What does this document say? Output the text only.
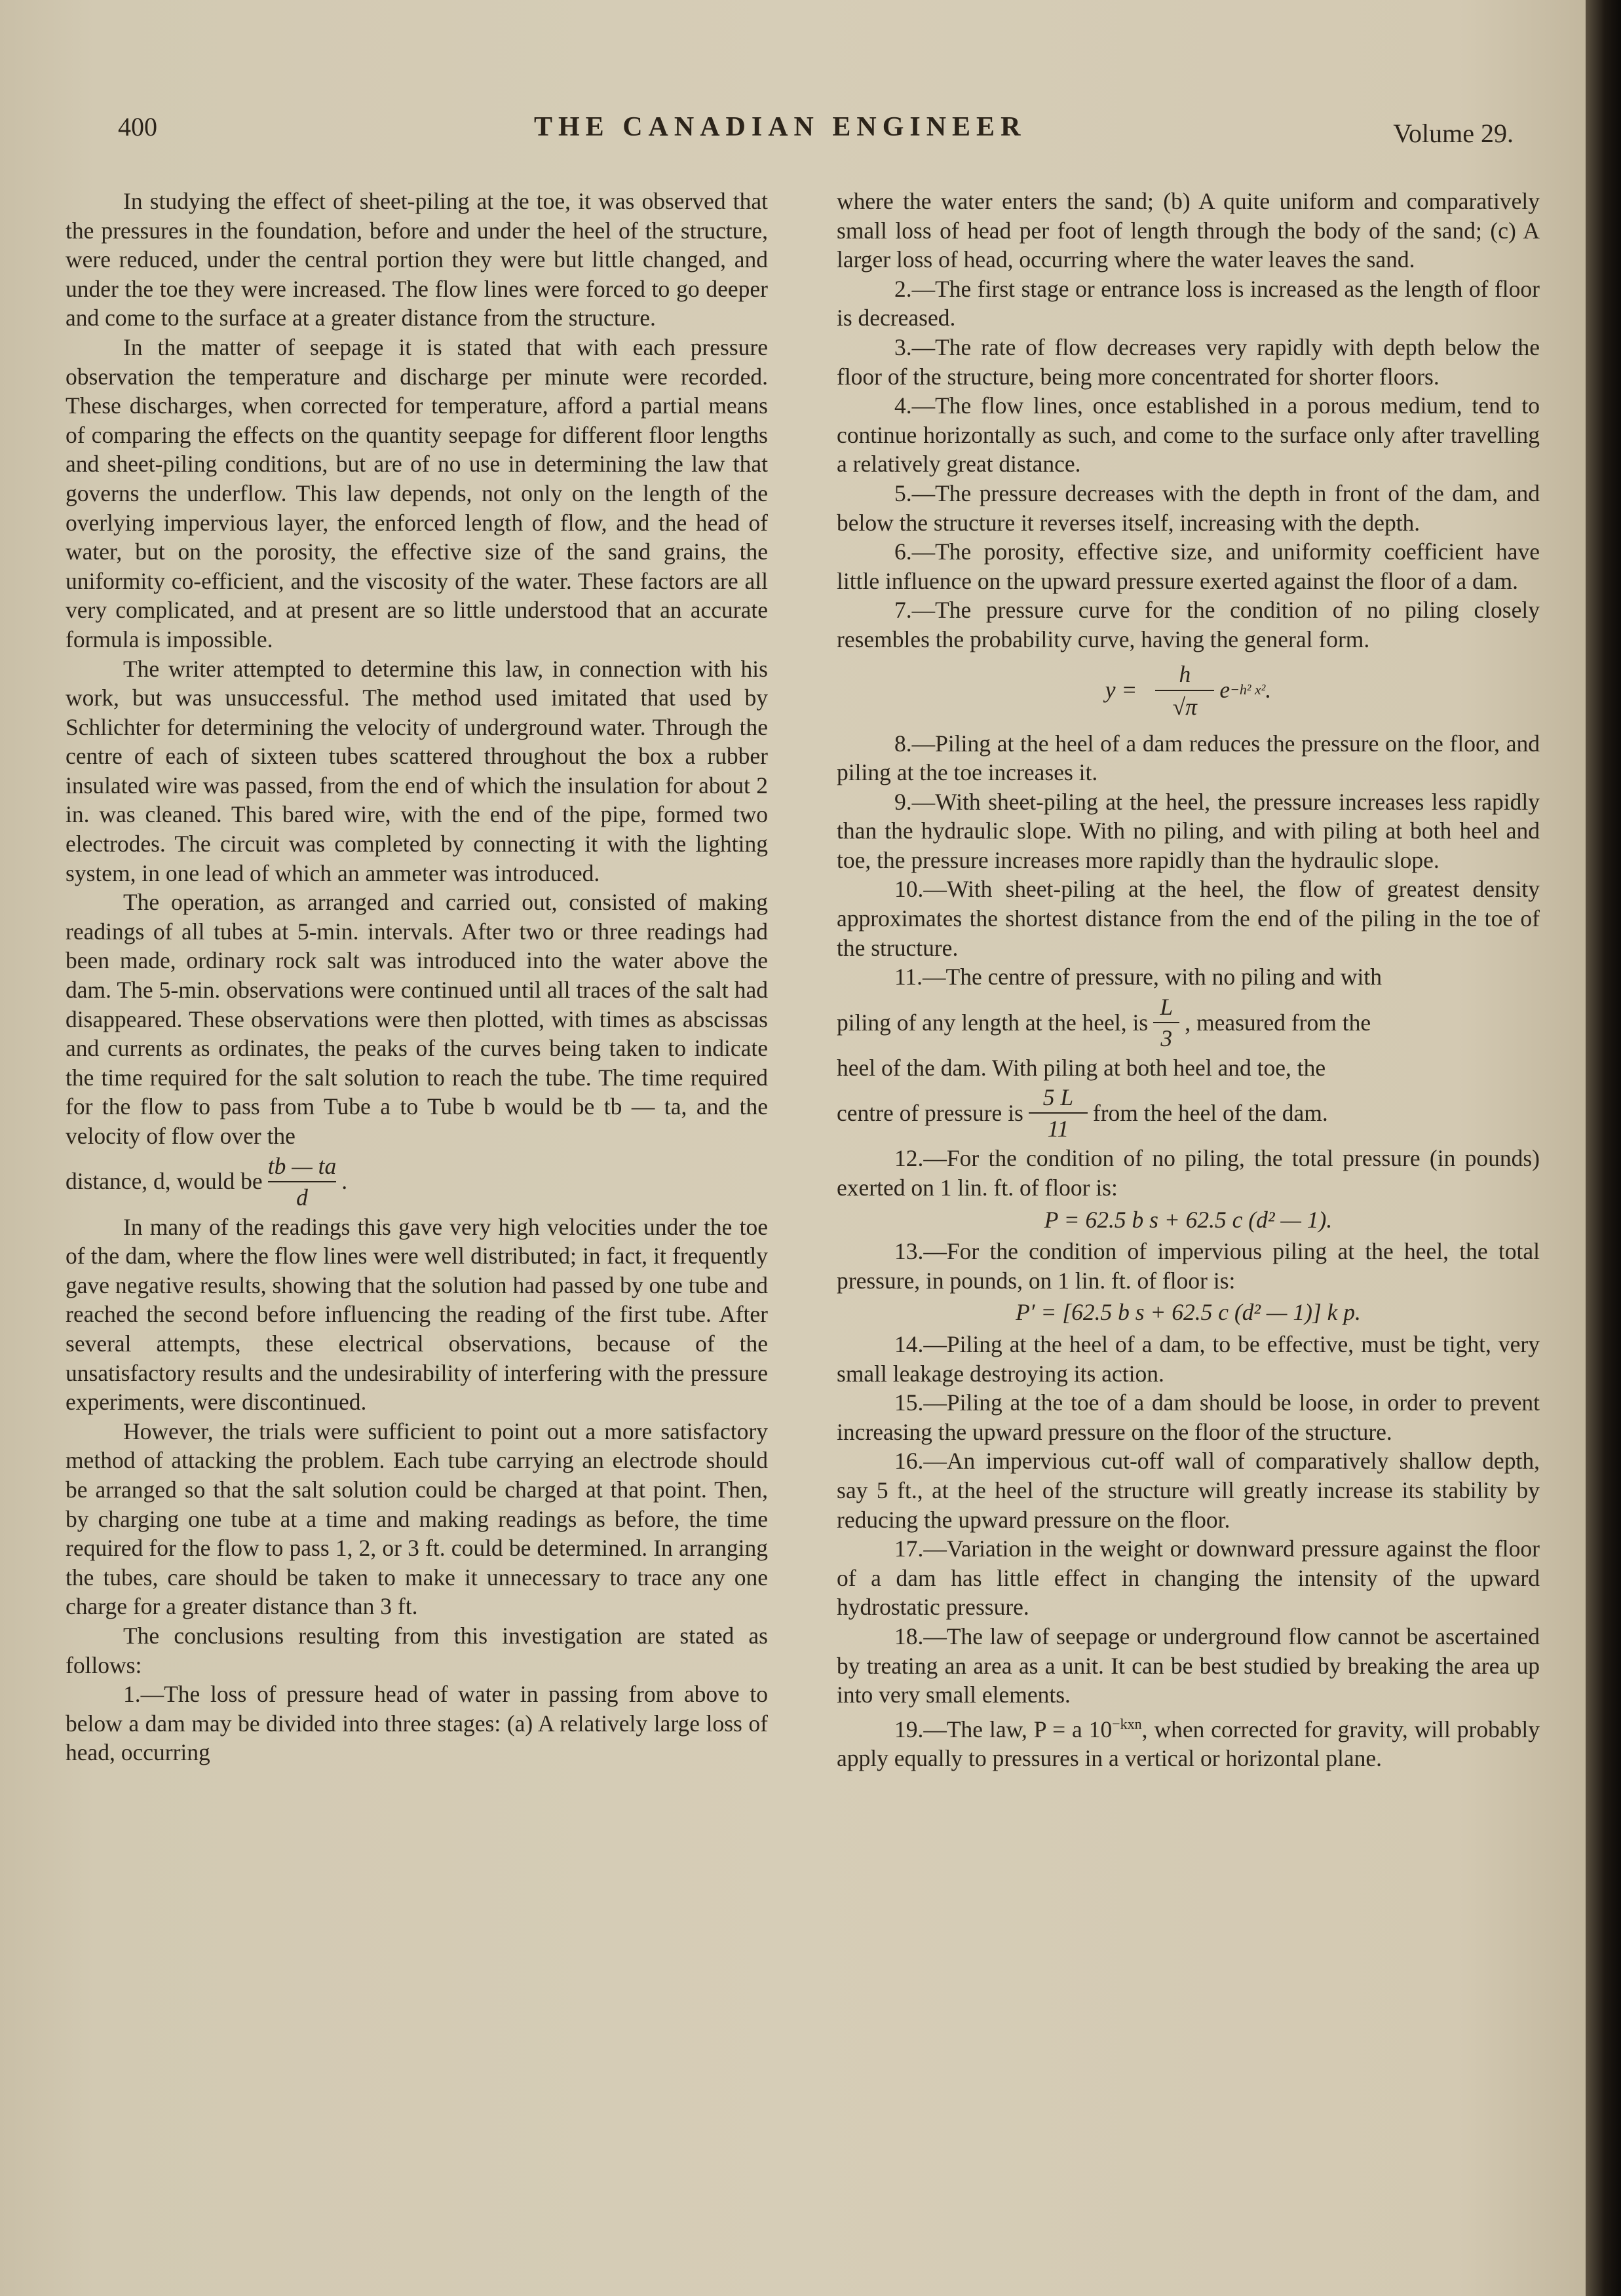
400	THE CANADIAN ENGINEER	Volume 29.

In studying the effect of sheet-piling at the toe, it was observed that the pressures in the foundation, before and under the heel of the structure, were reduced, under the central portion they were but little changed, and under the toe they were increased. The flow lines were forced to go deeper and come to the surface at a greater distance from the structure.

In the matter of seepage it is stated that with each pressure observation the temperature and discharge per minute were recorded. These discharges, when corrected for temperature, afford a partial means of comparing the effects on the quantity seepage for different floor lengths and sheet-piling conditions, but are of no use in determining the law that governs the underflow. This law depends, not only on the length of the overlying impervious layer, the enforced length of flow, and the head of water, but on the porosity, the effective size of the sand grains, the uniformity co-efficient, and the viscosity of the water. These factors are all very complicated, and at present are so little understood that an accurate formula is impossible.

The writer attempted to determine this law, in connection with his work, but was unsuccessful. The method used imitated that used by Schlichter for determining the velocity of underground water. Through the centre of each of sixteen tubes scattered throughout the box a rubber insulated wire was passed, from the end of which the insulation for about 2 in. was cleaned. This bared wire, with the end of the pipe, formed two electrodes. The circuit was completed by connecting it with the lighting system, in one lead of which an ammeter was introduced.

The operation, as arranged and carried out, consisted of making readings of all tubes at 5-min. intervals. After two or three readings had been made, ordinary rock salt was introduced into the water above the dam. The 5-min. observations were continued until all traces of the salt had disappeared. These observations were then plotted, with times as abscissas and currents as ordinates, the peaks of the curves being taken to indicate the time required for the salt solution to reach the tube. The time required for the flow to pass from Tube a to Tube b would be tb — ta, and the velocity of flow over the

distance, d, would be $\frac{tb — ta}{d}$ .

In many of the readings this gave very high velocities under the toe of the dam, where the flow lines were well distributed; in fact, it frequently gave negative results, showing that the solution had passed by one tube and reached the second before influencing the reading of the first tube. After several attempts, these electrical observations, because of the unsatisfactory results and the undesirability of interfering with the pressure experiments, were discontinued.

However, the trials were sufficient to point out a more satisfactory method of attacking the problem. Each tube carrying an electrode should be arranged so that the salt solution could be charged at that point. Then, by charging one tube at a time and making readings as before, the time required for the flow to pass 1, 2, or 3 ft. could be determined. In arranging the tubes, care should be taken to make it unnecessary to trace any one charge for a greater distance than 3 ft.

The conclusions resulting from this investigation are stated as follows:

1.—The loss of pressure head of water in passing from above to below a dam may be divided into three stages: (a) A relatively large loss of head, occurring

where the water enters the sand; (b) A quite uniform and comparatively small loss of head per foot of length through the body of the sand; (c) A larger loss of head, occurring where the water leaves the sand.

2.—The first stage or entrance loss is increased as the length of floor is decreased.

3.—The rate of flow decreases very rapidly with depth below the floor of the structure, being more concentrated for shorter floors.

4.—The flow lines, once established in a porous medium, tend to continue horizontally as such, and come to the surface only after travelling a relatively great distance.

5.—The pressure decreases with the depth in front of the dam, and below the structure it reverses itself, increasing with the depth.

6.—The porosity, effective size, and uniformity coefficient have little influence on the upward pressure exerted against the floor of a dam.

7.—The pressure curve for the condition of no piling closely resembles the probability curve, having the general form.

$y = \frac{h}{√\pi}$ e −h² x² .

8.—Piling at the heel of a dam reduces the pressure on the floor, and piling at the toe increases it.

9.—With sheet-piling at the heel, the pressure increases less rapidly than the hydraulic slope. With no piling, and with piling at both heel and toe, the pressure increases more rapidly than the hydraulic slope.

10.—With sheet-piling at the heel, the flow of greatest density approximates the shortest distance from the end of the piling in the toe of the structure.

11.—The centre of pressure, with no piling and with

piling of any length at the heel, is $\frac{L}{3}$ , measured from the

heel of the dam. With piling at both heel and toe, the

centre of pressure is $\frac{5 L}{11}$ from the heel of the dam.

12.—For the condition of no piling, the total pressure (in pounds) exerted on 1 lin. ft. of floor is:

P = 62.5 b s + 62.5 c (d² — 1).

13.—For the condition of impervious piling at the heel, the total pressure, in pounds, on 1 lin. ft. of floor is:

P′ = [62.5 b s + 62.5 c (d² — 1)] k p.

14.—Piling at the heel of a dam, to be effective, must be tight, very small leakage destroying its action.

15.—Piling at the toe of a dam should be loose, in order to prevent increasing the upward pressure on the floor of the structure.

16.—An impervious cut-off wall of comparatively shallow depth, say 5 ft., at the heel of the structure will greatly increase its stability by reducing the upward pressure on the floor.

17.—Variation in the weight or downward pressure against the floor of a dam has little effect in changing the intensity of the upward hydrostatic pressure.

18.—The law of seepage or underground flow cannot be ascertained by treating an area as a unit. It can be best studied by breaking the area up into very small elements.

19.—The law, P = a $10^{-kxn}$, when corrected for gravity, will probably apply equally to pressures in a vertical or horizontal plane.
